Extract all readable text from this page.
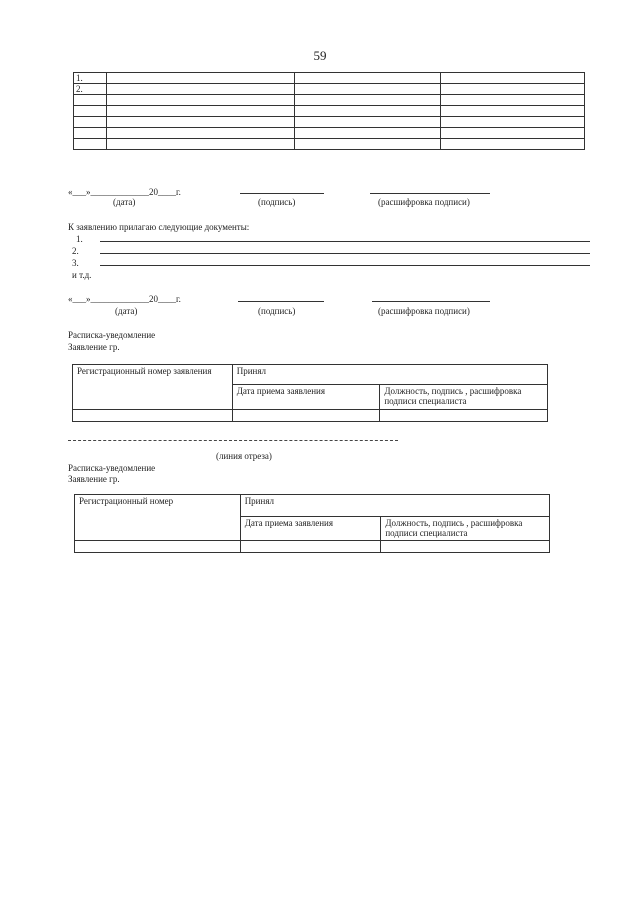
59
1.			
2.			

«___»_____________20____г.
(дата)	(подпись)	(расшифровка подписи)
К заявлению прилагаю следующие документы:
1.
2.
3.
и т.д.
«___»_____________20____г.
(дата)	(подпись)	(расшифровка подписи)
Расписка-уведомление
Заявление гр.
Регистрационный номер заявления	Принял	
	Дата приема заявления	Должность, подпись , расшифровка подписи специалиста

(линия отреза)
Расписка-уведомление
Заявление гр.
Регистрационный номер	Принял	
	Дата приема заявления	Должность, подпись , расшифровка подписи специалиста
